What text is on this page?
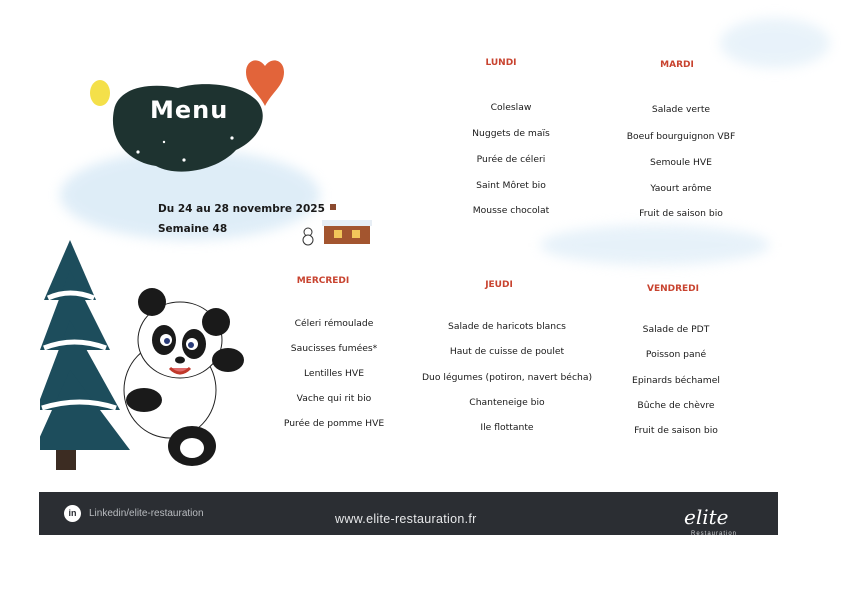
Menu
Du 24 au 28 novembre 2025
Semaine 48
LUNDI	MARDI
MERCREDI	JEUDI	VENDREDI
Coleslaw
Nuggets de maïs
Purée de céleri
Saint Môret bio
Mousse chocolat
Salade verte
Boeuf bourguignon VBF
Semoule HVE
Yaourt arôme
Fruit de saison bio
Céleri rémoulade
Saucisses fumées*
Lentilles HVE
Vache qui rit bio
Purée de pomme HVE
Salade de haricots blancs
Haut de cuisse de poulet
Duo légumes (potiron, navert bécha)
Chanteneige bio
Ile flottante
Salade de PDT
Poisson pané
Epinards béchamel
Bûche de chèvre
Fruit de saison bio
in	Linkedin/elite-restauration	www.elite-restauration.fr	elite
Restauration
